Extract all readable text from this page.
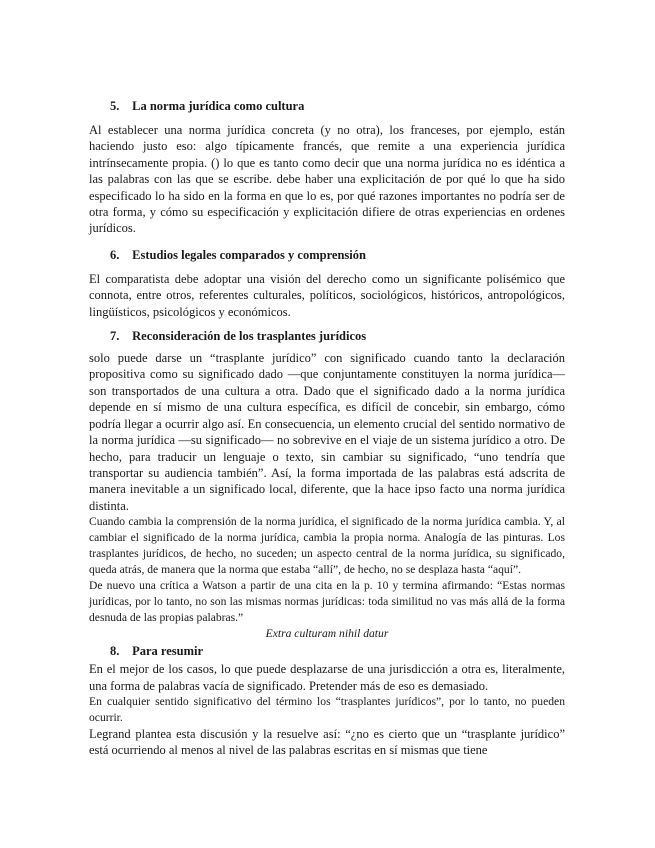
5. La norma jurídica como cultura

Al establecer una norma jurídica concreta (y no otra), los franceses, por ejemplo, están haciendo justo eso: algo típicamente francés, que remite a una experiencia jurídica intrínsecamente propia. () lo que es tanto como decir que una norma jurídica no es idéntica a las palabras con las que se escribe. debe haber una explicitación de por qué lo que ha sido especificado lo ha sido en la forma en que lo es, por qué razones importantes no podría ser de otra forma, y cómo su especificación y explicitación difiere de otras experiencias en ordenes jurídicos.

6. Estudios legales comparados y comprensión

El comparatista debe adoptar una visión del derecho como un significante polisémico que connota, entre otros, referentes culturales, políticos, sociológicos, históricos, antropológicos, lingüísticos, psicológicos y económicos.

7. Reconsideración de los trasplantes jurídicos

solo puede darse un “trasplante jurídico” con significado cuando tanto la declaración propositiva como su significado dado —que conjuntamente constituyen la norma jurídica— son transportados de una cultura a otra. Dado que el significado dado a la norma jurídica depende en sí mismo de una cultura específica, es difícil de concebir, sin embargo, cómo podría llegar a ocurrir algo así. En consecuencia, un elemento crucial del sentido normativo de la norma jurídica —su significado— no sobrevive en el viaje de un sistema jurídico a otro. De hecho, para traducir un lenguaje o texto, sin cambiar su significado, “uno tendría que transportar su audiencia también”. Así, la forma importada de las palabras está adscrita de manera inevitable a un significado local, diferente, que la hace ipso facto una norma jurídica distinta.

Cuando cambia la comprensión de la norma jurídica, el significado de la norma jurídica cambia. Y, al cambiar el significado de la norma jurídica, cambia la propia norma. Analogía de las pinturas. Los trasplantes jurídicos, de hecho, no suceden; un aspecto central de la norma jurídica, su significado, queda atrás, de manera que la norma que estaba “allí”, de hecho, no se desplaza hasta “aquí”.

De nuevo una crítica a Watson a partir de una cita en la p. 10 y termina afirmando: “Estas normas jurídicas, por lo tanto, no son las mismas normas jurídicas: toda similitud no vas más allá de la forma desnuda de las propias palabras.”

Extra culturam nihil datur

8. Para resumir

En el mejor de los casos, lo que puede desplazarse de una jurisdicción a otra es, literalmente, una forma de palabras vacía de significado. Pretender más de eso es demasiado.

En cualquier sentido significativo del término los “trasplantes jurídicos”, por lo tanto, no pueden ocurrir.

Legrand plantea esta discusión y la resuelve así: “¿no es cierto que un “trasplante jurídico” está ocurriendo al menos al nivel de las palabras escritas en sí mismas que tiene
